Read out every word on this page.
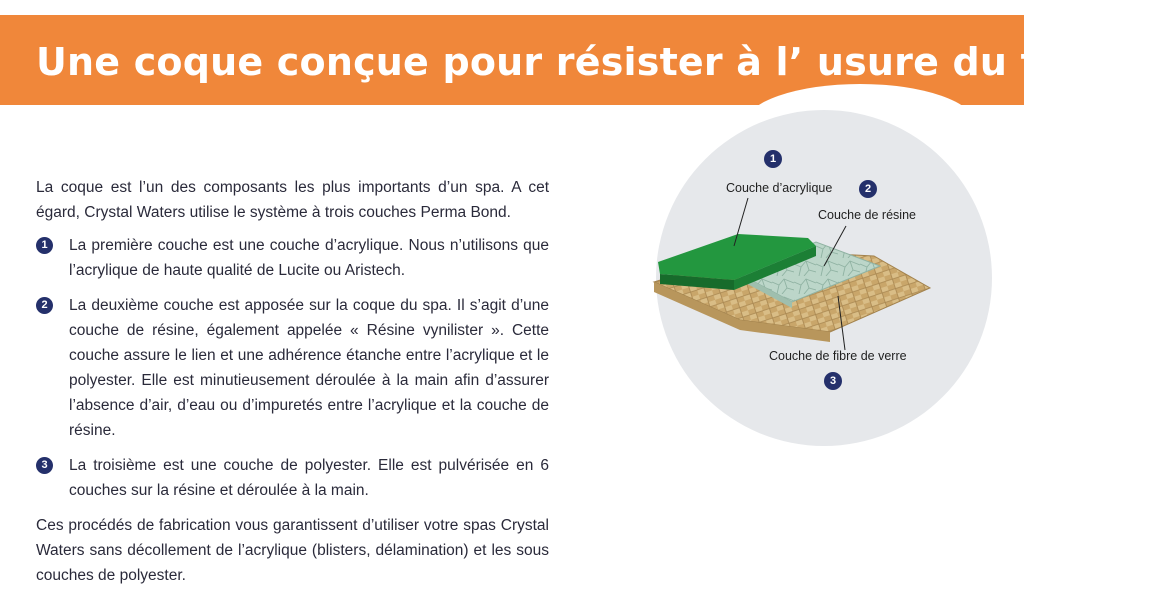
Une coque conçue pour résister à l’ usure du temps.

La coque est l’un des composants les plus importants d’un spa. A cet égard, Crystal Waters utilise le système à trois couches Perma Bond.

1	La première couche est une couche d’acrylique. Nous n’utilisons que l’acrylique de haute qualité de Lucite ou Aristech.

2	La deuxième couche est apposée sur la coque du spa. Il s’agit d’une couche de résine, également appelée « Résine vynilister ». Cette couche assure le lien et une adhérence étanche entre l’acrylique et le polyester. Elle est minutieusement déroulée à la main afin d’assurer l’absence d’air, d’eau ou d’impuretés entre l’acrylique et la couche de résine.

3	La troisième est une couche de polyester. Elle est pulvérisée en 6 couches sur la résine et déroulée à la main.

Ces procédés de fabrication vous garantissent d’utiliser votre spas Crystal Waters sans décollement de l’acrylique (blisters, délamination) et les sous couches de polyester.

1
Couche d’acrylique	2
Couche de résine
Couche de fibre de verre
3
